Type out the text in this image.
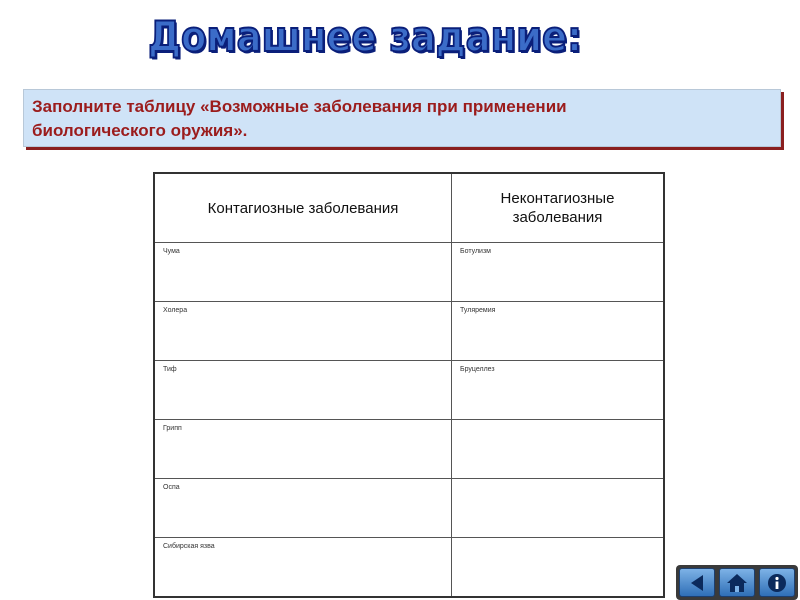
Домашнее задание:
Заполните таблицу «Возможные заболевания при применении
биологического оружия».
Контагиозные заболевания	Неконтагиозные заболевания
Чума	Ботулизм
Холера	Туляремия
Тиф	Бруцеллез
Грипп	
Оспа	
Сибирская язва	
